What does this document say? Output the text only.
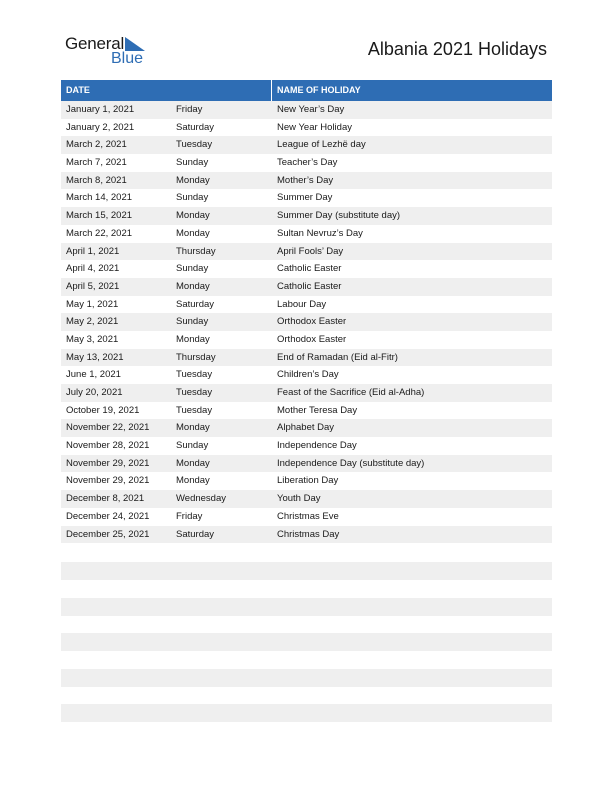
General
Blue	Albania 2021 Holidays
DATE	NAME OF HOLIDAY
January 1, 2021	Friday	New Year’s Day
January 2, 2021	Saturday	New Year Holiday
March 2, 2021	Tuesday	League of Lezhë day
March 7, 2021	Sunday	Teacher’s Day
March 8, 2021	Monday	Mother’s Day
March 14, 2021	Sunday	Summer Day
March 15, 2021	Monday	Summer Day (substitute day)
March 22, 2021	Monday	Sultan Nevruz’s Day
April 1, 2021	Thursday	April Fools’ Day
April 4, 2021	Sunday	Catholic Easter
April 5, 2021	Monday	Catholic Easter
May 1, 2021	Saturday	Labour Day
May 2, 2021	Sunday	Orthodox Easter
May 3, 2021	Monday	Orthodox Easter
May 13, 2021	Thursday	End of Ramadan (Eid al-Fitr)
June 1, 2021	Tuesday	Children’s Day
July 20, 2021	Tuesday	Feast of the Sacrifice (Eid al-Adha)
October 19, 2021	Tuesday	Mother Teresa Day
November 22, 2021	Monday	Alphabet Day
November 28, 2021	Sunday	Independence Day
November 29, 2021	Monday	Independence Day (substitute day)
November 29, 2021	Monday	Liberation Day
December 8, 2021	Wednesday	Youth Day
December 24, 2021	Friday	Christmas Eve
December 25, 2021	Saturday	Christmas Day
